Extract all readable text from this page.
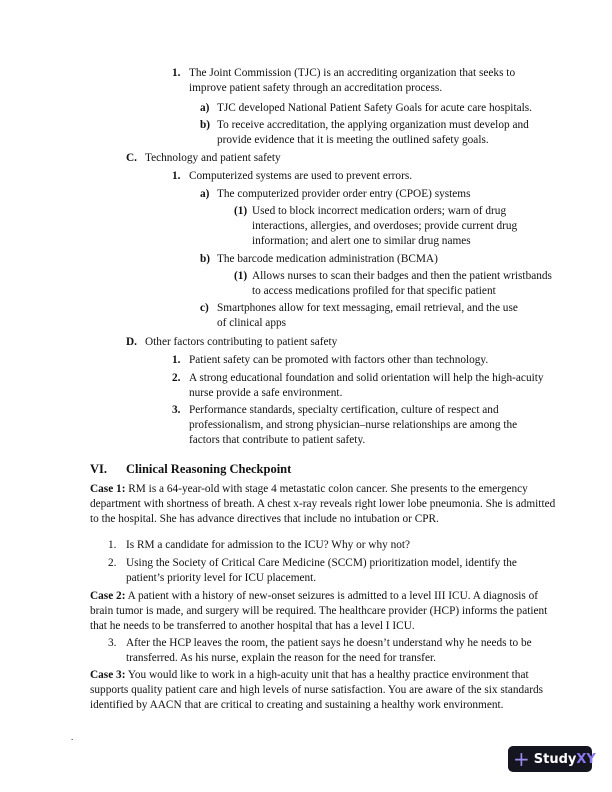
1. The Joint Commission (TJC) is an accrediting organization that seeks to improve patient safety through an accreditation process.
a) TJC developed National Patient Safety Goals for acute care hospitals.
b) To receive accreditation, the applying organization must develop and provide evidence that it is meeting the outlined safety goals.
C. Technology and patient safety
1. Computerized systems are used to prevent errors.
a) The computerized provider order entry (CPOE) systems
(1) Used to block incorrect medication orders; warn of drug interactions, allergies, and overdoses; provide current drug information; and alert one to similar drug names
b) The barcode medication administration (BCMA)
(1) Allows nurses to scan their badges and then the patient wristbands to access medications profiled for that specific patient
c) Smartphones allow for text messaging, email retrieval, and the use of clinical apps
D. Other factors contributing to patient safety
1. Patient safety can be promoted with factors other than technology.
2. A strong educational foundation and solid orientation will help the high-acuity nurse provide a safe environment.
3. Performance standards, specialty certification, culture of respect and professionalism, and strong physician–nurse relationships are among the factors that contribute to patient safety.
VI. Clinical Reasoning Checkpoint
Case 1: RM is a 64-year-old with stage 4 metastatic colon cancer. She presents to the emergency department with shortness of breath. A chest x-ray reveals right lower lobe pneumonia. She is admitted to the hospital. She has advance directives that include no intubation or CPR.
1. Is RM a candidate for admission to the ICU? Why or why not?
2. Using the Society of Critical Care Medicine (SCCM) prioritization model, identify the patient’s priority level for ICU placement.
Case 2: A patient with a history of new-onset seizures is admitted to a level III ICU. A diagnosis of brain tumor is made, and surgery will be required. The healthcare provider (HCP) informs the patient that he needs to be transferred to another hospital that has a level I ICU.
3. After the HCP leaves the room, the patient says he doesn’t understand why he needs to be transferred. As his nurse, explain the reason for the need for transfer.
Case 3: You would like to work in a high-acuity unit that has a healthy practice environment that supports quality patient care and high levels of nurse satisfaction. You are aware of the six standards identified by AACN that are critical to creating and sustaining a healthy work environment.
.
+ Study XY
